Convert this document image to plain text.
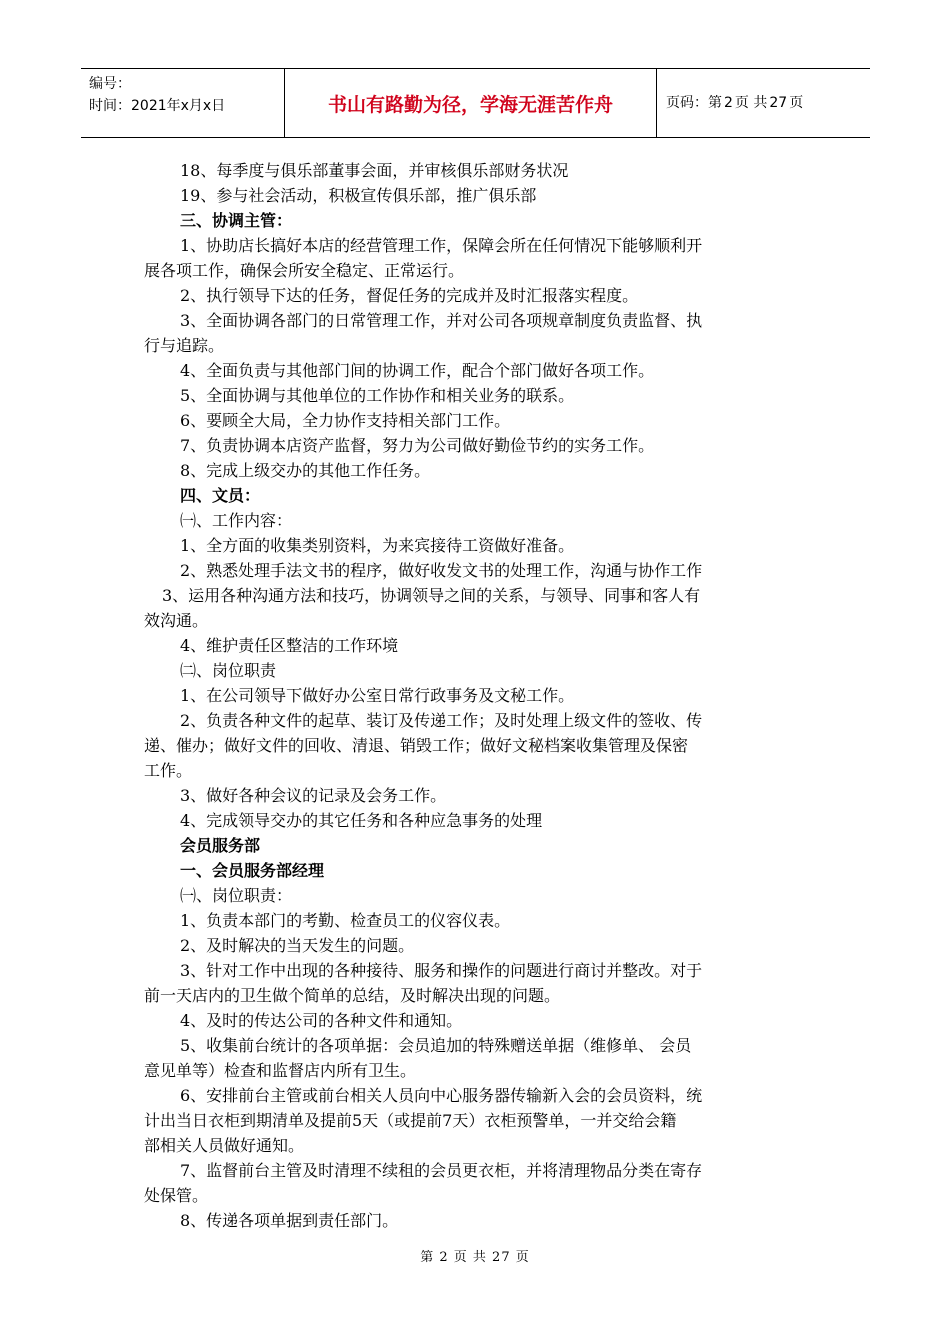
编号：
时间：2021年x月x日	书山有路勤为径，学海无涯苦作舟	页码：第 2 页 共 27 页
18、每季度与俱乐部董事会面，并审核俱乐部财务状况
19、参与社会活动，积极宣传俱乐部，推广俱乐部
三、协调主管：
1、协助店长搞好本店的经营管理工作，保障会所在任何情况下能够顺利开
展各项工作，确保会所安全稳定、正常运行。
2、执行领导下达的任务，督促任务的完成并及时汇报落实程度。
3、全面协调各部门的日常管理工作，并对公司各项规章制度负责监督、执
行与追踪。
4、全面负责与其他部门间的协调工作，配合个部门做好各项工作。
5、全面协调与其他单位的工作协作和相关业务的联系。
6、要顾全大局，全力协作支持相关部门工作。
7、负责协调本店资产监督，努力为公司做好勤俭节约的实务工作。
8、完成上级交办的其他工作任务。
四、文员：
㈠、工作内容：
1、全方面的收集类别资料，为来宾接待工资做好准备。
2、熟悉处理手法文书的程序，做好收发文书的处理工作，沟通与协作工作
3、运用各种沟通方法和技巧，协调领导之间的关系，与领导、同事和客人有
效沟通。
4、维护责任区整洁的工作环境
㈡、岗位职责
1、在公司领导下做好办公室日常行政事务及文秘工作。
2、负责各种文件的起草、装订及传递工作；及时处理上级文件的签收、传
递、催办；做好文件的回收、清退、销毁工作；做好文秘档案收集管理及保密
工作。
3、做好各种会议的记录及会务工作。
4、完成领导交办的其它任务和各种应急事务的处理
会员服务部
一、会员服务部经理
㈠、岗位职责：
1、负责本部门的考勤、检查员工的仪容仪表。
2、及时解决的当天发生的问题。
3、针对工作中出现的各种接待、服务和操作的问题进行商讨并整改。对于
前一天店内的卫生做个简单的总结，及时解决出现的问题。
4、及时的传达公司的各种文件和通知。
5、收集前台统计的各项单据：会员追加的特殊赠送单据（维修单、 会员
意见单等）检查和监督店内所有卫生。
6、安排前台主管或前台相关人员向中心服务器传输新入会的会员资料，统
计出当日衣柜到期清单及提前5天（或提前7天）衣柜预警单，一并交给会籍
部相关人员做好通知。
7、监督前台主管及时清理不续租的会员更衣柜，并将清理物品分类在寄存
处保管。
8、传递各项单据到责任部门。
第 2 页 共 27 页
